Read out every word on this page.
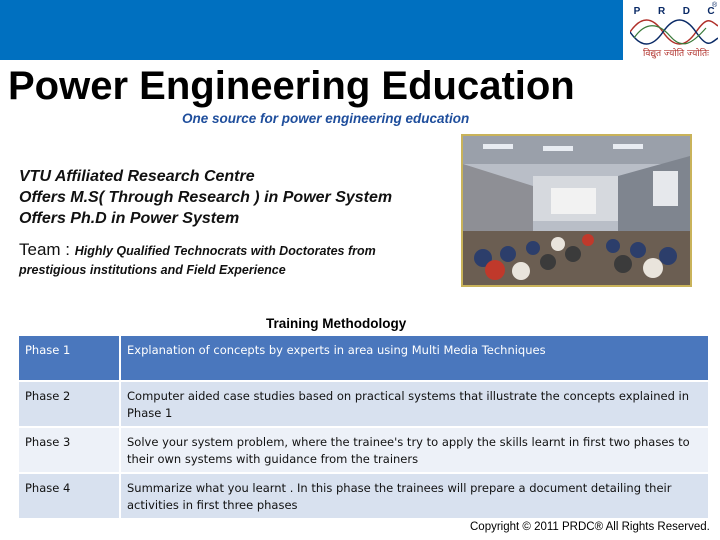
P	R	D	C
®
विद्युत ज्योति ज्योतिः
Power Engineering Education
One source for power engineering education
VTU Affiliated Research Centre
Offers M.S( Through Research ) in Power System
Offers Ph.D in Power System
Team : Highly Qualified Technocrats with Doctorates from
prestigious institutions and Field Experience
Training Methodology
Phase 1	Explanation of concepts by experts in area using Multi Media Techniques
Phase 2	Computer aided case studies based on practical systems that illustrate the concepts explained in Phase 1
Phase 3	Solve your system problem, where the trainee's try to apply the skills learnt in first two phases to their own systems with guidance from the trainers
Phase 4	Summarize what you learnt . In this phase the trainees will prepare a document detailing their activities in first three phases
Copyright © 2011 PRDC® All Rights Reserved.
